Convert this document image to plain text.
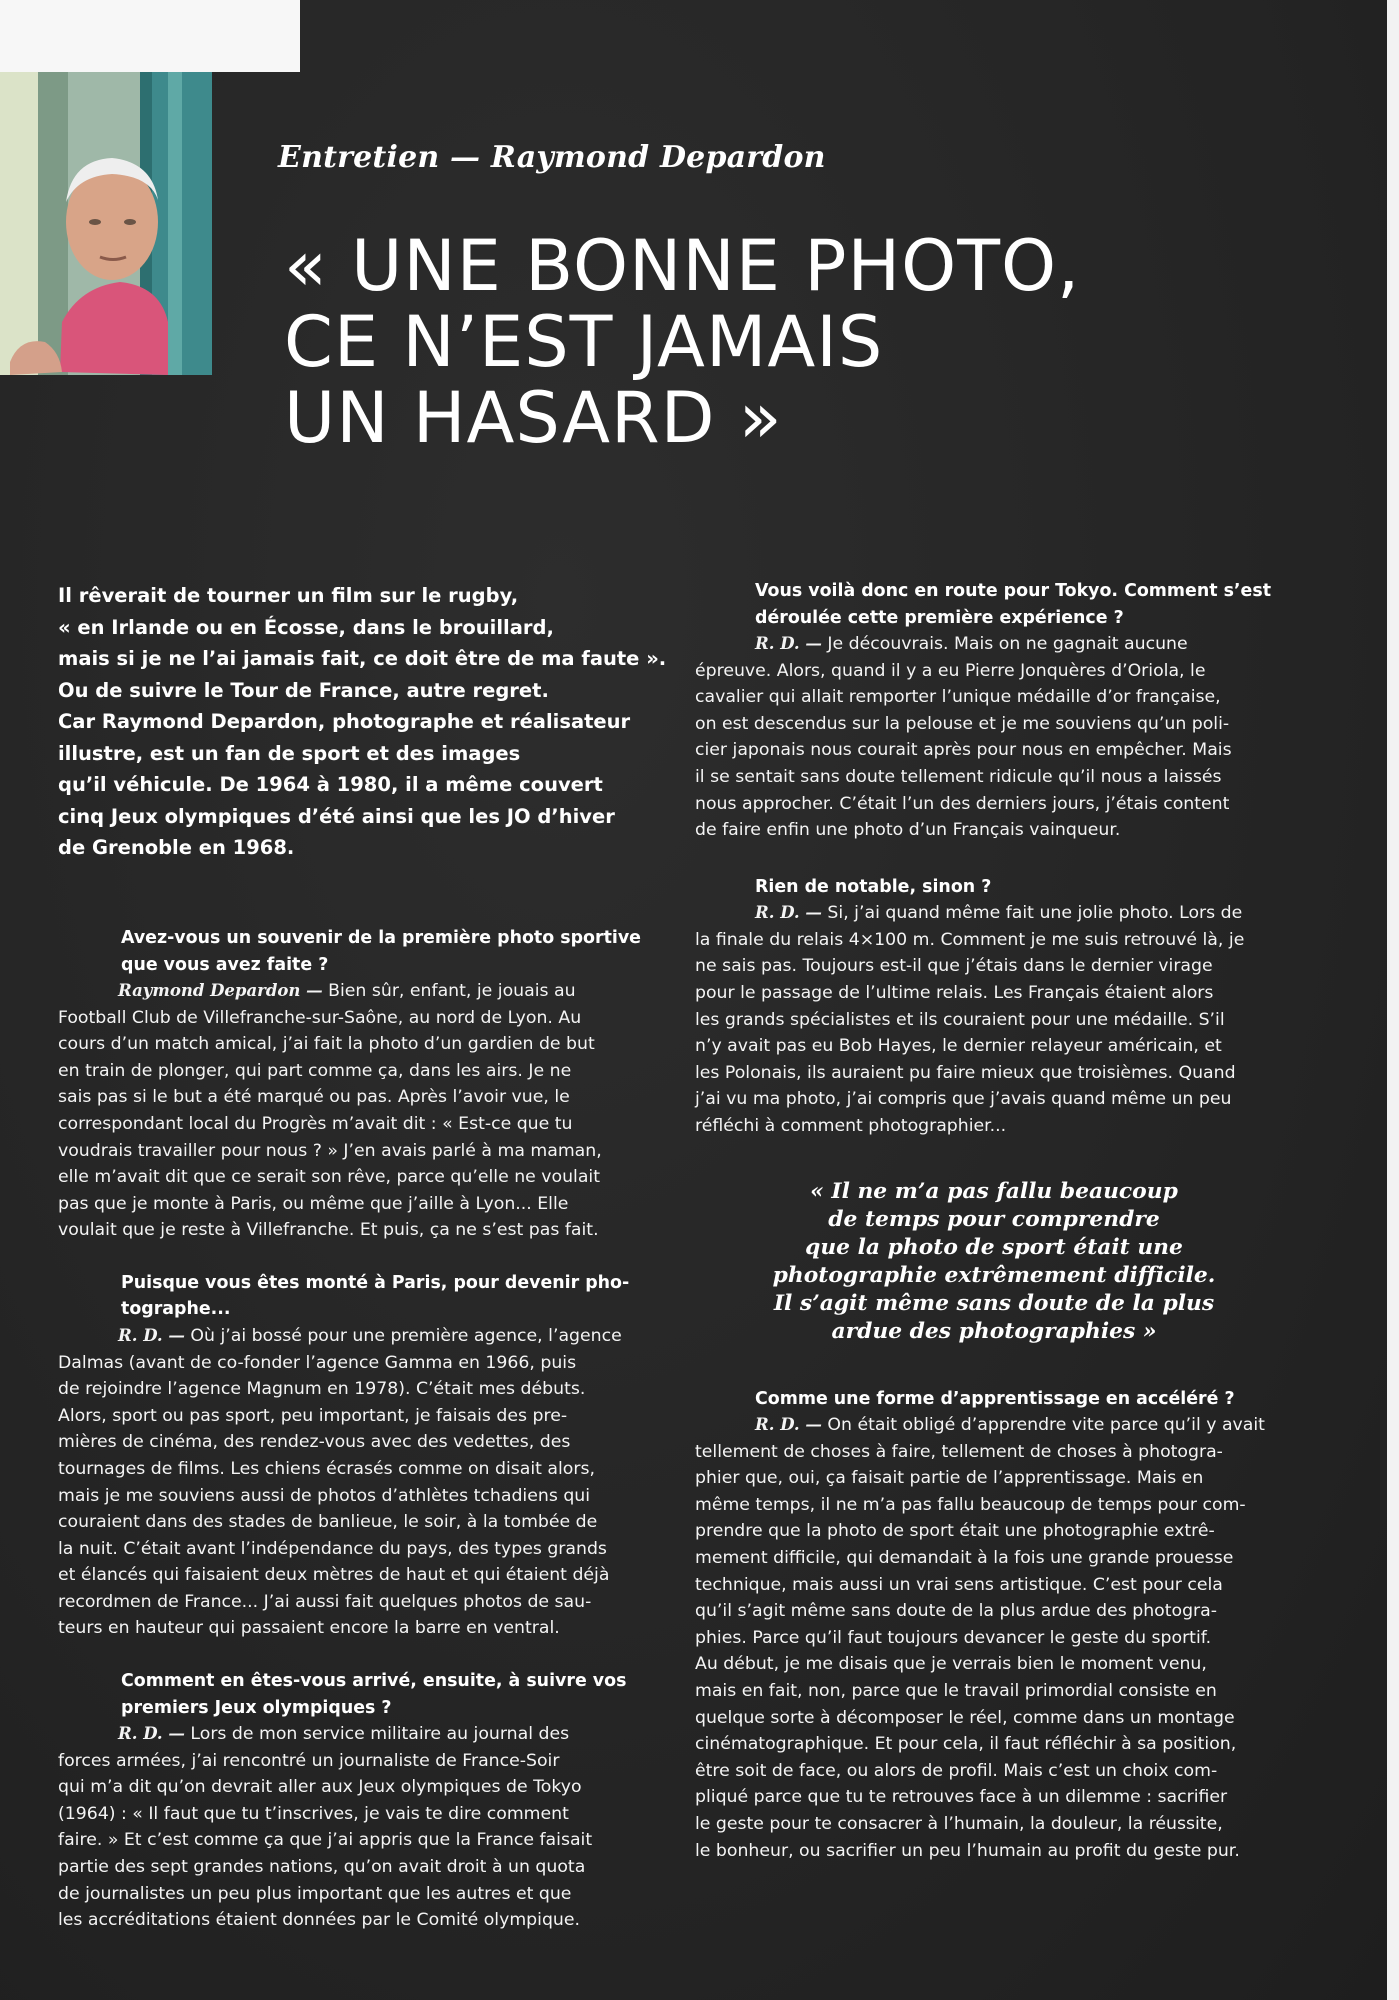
Entretien — Raymond Depardon

« UNE BONNE PHOTO,
CE N’EST JAMAIS
UN HASARD »
Il rêverait de tourner un film sur le rugby,
« en Irlande ou en Écosse, dans le brouillard,
mais si je ne l’ai jamais fait, ce doit être de ma faute ».
Ou de suivre le Tour de France, autre regret.
Car Raymond Depardon, photographe et réalisateur
illustre, est un fan de sport et des images
qu’il véhicule. De 1964 à 1980, il a même couvert
cinq Jeux olympiques d’été ainsi que les JO d’hiver
de Grenoble en 1968.
Avez-vous un souvenir de la première photo sportive
que vous avez faite ?
Raymond Depardon — Bien sûr, enfant, je jouais au
Football Club de Villefranche-sur-Saône, au nord de Lyon. Au
cours d’un match amical, j’ai fait la photo d’un gardien de but
en train de plonger, qui part comme ça, dans les airs. Je ne
sais pas si le but a été marqué ou pas. Après l’avoir vue, le
correspondant local du Progrès m’avait dit : « Est-ce que tu
voudrais travailler pour nous ? » J’en avais parlé à ma maman,
elle m’avait dit que ce serait son rêve, parce qu’elle ne voulait
pas que je monte à Paris, ou même que j’aille à Lyon... Elle
voulait que je reste à Villefranche. Et puis, ça ne s’est pas fait.
Puisque vous êtes monté à Paris, pour devenir pho-
tographe...
R. D. — Où j’ai bossé pour une première agence, l’agence
Dalmas (avant de co-fonder l’agence Gamma en 1966, puis
de rejoindre l’agence Magnum en 1978). C’était mes débuts.
Alors, sport ou pas sport, peu important, je faisais des pre-
mières de cinéma, des rendez-vous avec des vedettes, des
tournages de films. Les chiens écrasés comme on disait alors,
mais je me souviens aussi de photos d’athlètes tchadiens qui
couraient dans des stades de banlieue, le soir, à la tombée de
la nuit. C’était avant l’indépendance du pays, des types grands
et élancés qui faisaient deux mètres de haut et qui étaient déjà
recordmen de France... J’ai aussi fait quelques photos de sau-
teurs en hauteur qui passaient encore la barre en ventral.
Comment en êtes-vous arrivé, ensuite, à suivre vos
premiers Jeux olympiques ?
R. D. — Lors de mon service militaire au journal des
forces armées, j’ai rencontré un journaliste de France-Soir
qui m’a dit qu’on devrait aller aux Jeux olympiques de Tokyo
(1964) : « Il faut que tu t’inscrives, je vais te dire comment
faire. » Et c’est comme ça que j’ai appris que la France faisait
partie des sept grandes nations, qu’on avait droit à un quota
de journalistes un peu plus important que les autres et que
les accréditations étaient données par le Comité olympique.
Vous voilà donc en route pour Tokyo. Comment s’est
déroulée cette première expérience ?
R. D. — Je découvrais. Mais on ne gagnait aucune
épreuve. Alors, quand il y a eu Pierre Jonquères d’Oriola, le
cavalier qui allait remporter l’unique médaille d’or française,
on est descendus sur la pelouse et je me souviens qu’un poli-
cier japonais nous courait après pour nous en empêcher. Mais
il se sentait sans doute tellement ridicule qu’il nous a laissés
nous approcher. C’était l’un des derniers jours, j’étais content
de faire enfin une photo d’un Français vainqueur.
Rien de notable, sinon ?
R. D. — Si, j’ai quand même fait une jolie photo. Lors de
la finale du relais 4×100 m. Comment je me suis retrouvé là, je
ne sais pas. Toujours est-il que j’étais dans le dernier virage
pour le passage de l’ultime relais. Les Français étaient alors
les grands spécialistes et ils couraient pour une médaille. S’il
n’y avait pas eu Bob Hayes, le dernier relayeur américain, et
les Polonais, ils auraient pu faire mieux que troisièmes. Quand
j’ai vu ma photo, j’ai compris que j’avais quand même un peu
réfléchi à comment photographier...
« Il ne m’a pas fallu beaucoup
de temps pour comprendre
que la photo de sport était une
photographie extrêmement difficile.
Il s’agit même sans doute de la plus
ardue des photographies »
Comme une forme d’apprentissage en accéléré ?
R. D. — On était obligé d’apprendre vite parce qu’il y avait
tellement de choses à faire, tellement de choses à photogra-
phier que, oui, ça faisait partie de l’apprentissage. Mais en
même temps, il ne m’a pas fallu beaucoup de temps pour com-
prendre que la photo de sport était une photographie extrê-
mement difficile, qui demandait à la fois une grande prouesse
technique, mais aussi un vrai sens artistique. C’est pour cela
qu’il s’agit même sans doute de la plus ardue des photogra-
phies. Parce qu’il faut toujours devancer le geste du sportif.
Au début, je me disais que je verrais bien le moment venu,
mais en fait, non, parce que le travail primordial consiste en
quelque sorte à décomposer le réel, comme dans un montage
cinématographique. Et pour cela, il faut réfléchir à sa position,
être soit de face, ou alors de profil. Mais c’est un choix com-
pliqué parce que tu te retrouves face à un dilemme : sacrifier
le geste pour te consacrer à l’humain, la douleur, la réussite,
le bonheur, ou sacrifier un peu l’humain au profit du geste pur.
